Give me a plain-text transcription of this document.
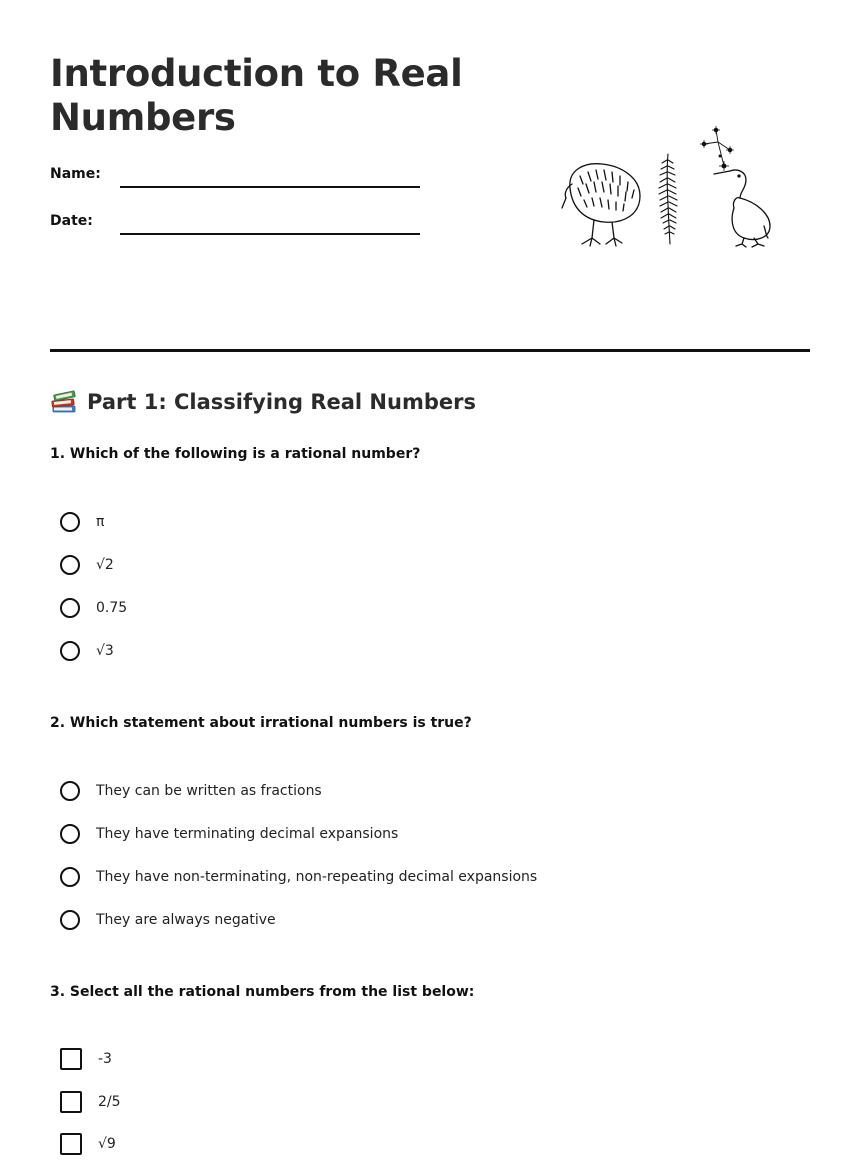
Introduction to Real Numbers
Name:
Date:
Part 1: Classifying Real Numbers

1. Which of the following is a rational number?

π
√2
0.75
√3

2. Which statement about irrational numbers is true?

They can be written as fractions
They have terminating decimal expansions
They have non-terminating, non-repeating decimal expansions
They are always negative

3. Select all the rational numbers from the list below:

-3
2/5
√9
